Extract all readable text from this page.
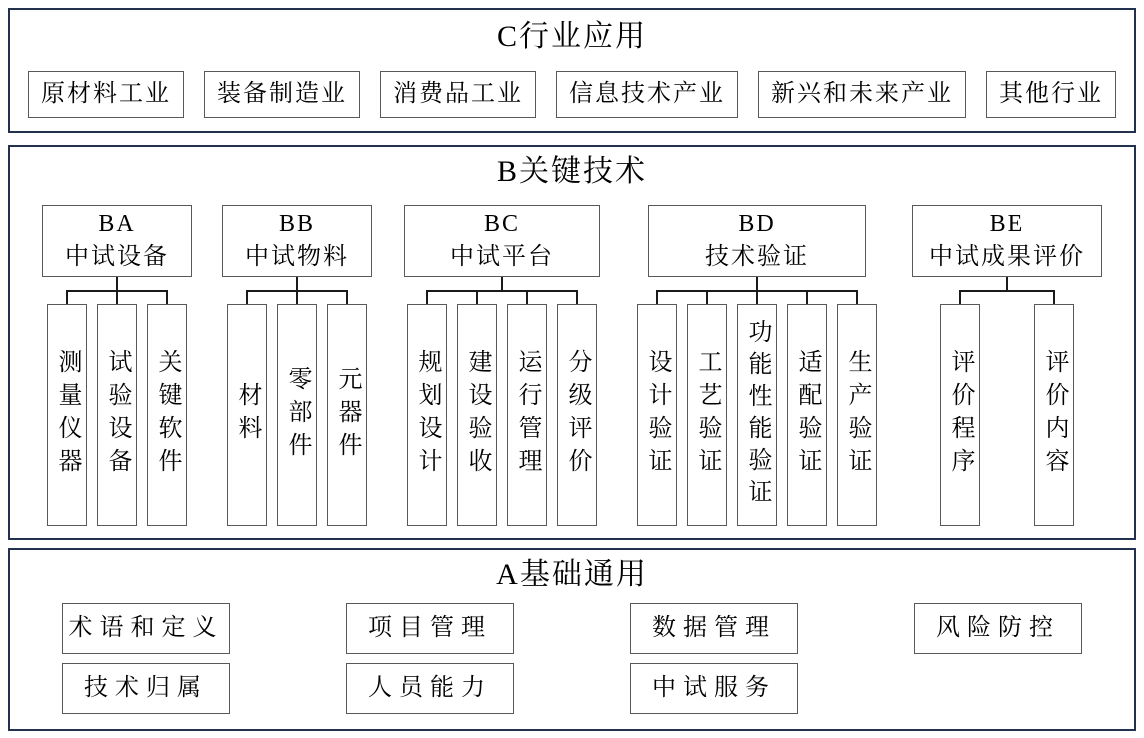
C行业应用
原材料工业	装备制造业	消费品工业	信息技术产业	新兴和未来产业	其他行业
B关键技术
BA
中试设备
测量仪器 试验设备 关键软件
BB
中试物料
材料 零部件 元器件
BC
中试平台
规划设计 建设验收 运行管理 分级评价
BD
技术验证
设计验证 工艺验证 功能性能验证 适配验证 生产验证
BE
中试成果评价
评价程序	评价内容
A基础通用
术语和定义	项目管理	数据管理	风险防控
技术归属	人员能力	中试服务
